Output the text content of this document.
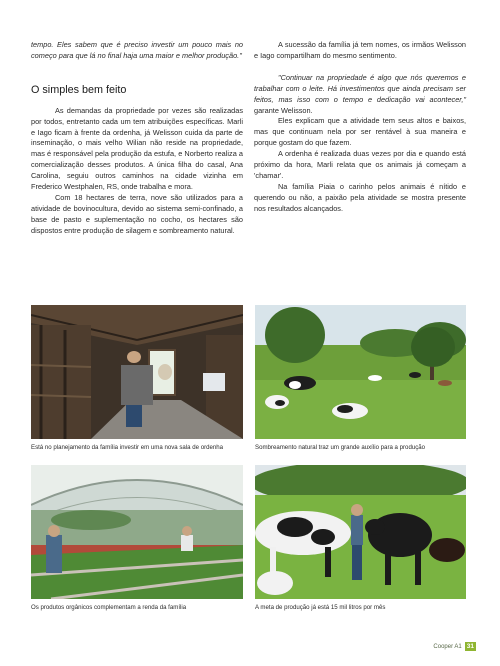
tempo. Eles sabem que é preciso investir um pouco mais no começo para que lá no final haja uma maior e melhor produção."

O simples bem feito

As demandas da propriedade por vezes são realizadas por todos, entretanto cada um tem atribuições específicas. Marli e Iago ficam à frente da ordenha, já Welisson cuida da parte de inseminação, o mais velho Wilian não reside na propriedade, mas é responsável pela produção da estufa, e Norberto realiza a comercialização desses produtos. A única filha do casal, Ana Carolina, seguiu outros caminhos na cidade vizinha em Frederico Westphalen, RS, onde trabalha e mora.

Com 18 hectares de terra, nove são utilizados para a atividade de bovinocultura, devido ao sistema semi-confinado, a base de pasto e suplementação no cocho, os hectares são dispostos entre produção de silagem e sombreamento natural.

A sucessão da família já tem nomes, os irmãos Welisson e Iago compartilham do mesmo sentimento.

"Continuar na propriedade é algo que nós queremos e trabalhar com o leite. Há investimentos que ainda precisam ser feitos, mas isso com o tempo e dedicação vai acontecer," garante Welisson.

Eles explicam que a atividade tem seus altos e baixos, mas que continuam nela por ser rentável à sua maneira e porque gostam do que fazem.

A ordenha é realizada duas vezes por dia e quando está próximo da hora, Marli relata que os animais já começam a 'chamar'.

Na família Piaia o carinho pelos animais é nítido e querendo ou não, a paixão pela atividade se mostra presente nos resultados alcançados.

Está no planejamento da família investir em uma nova sala de ordenha	Sombreamento natural traz um grande auxílio para a produção
Os produtos orgânicos complementam a renda da família	A meta de produção já está 15 mil litros por mês
Cooper A1 31
